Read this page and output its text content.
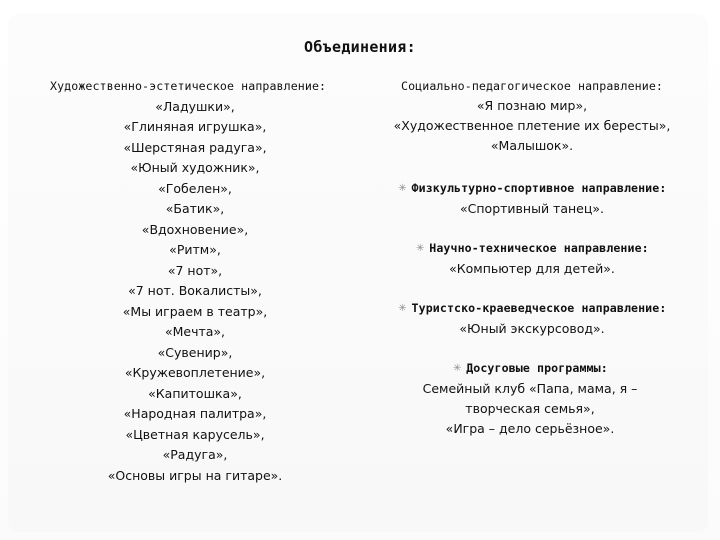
Объединения:
Художественно-эстетическое направление:
«Ладушки»,
«Глиняная игрушка»,
«Шерстяная радуга»,
«Юный художник»,
«Гобелен»,
«Батик»,
«Вдохновение»,
«Ритм»,
«7 нот»,
«7 нот. Вокалисты»,
«Мы играем в театр»,
«Мечта»,
«Сувенир»,
«Кружевоплетение»,
«Капитошка»,
«Народная палитра»,
«Цветная карусель»,
«Радуга»,
«Основы игры на гитаре».
Социально-педагогическое направление:
«Я познаю мир»,
«Художественное плетение их бересты»,
«Малышок».
✳ Физкультурно-спортивное направление:
«Спортивный танец».
✳ Научно-техническое направление:
«Компьютер для детей».
✳ Туристско-краеведческое направление:
«Юный экскурсовод».
✳ Досуговые программы:
Семейный клуб «Папа, мама, я – творческая семья»,
«Игра – дело серьёзное».
